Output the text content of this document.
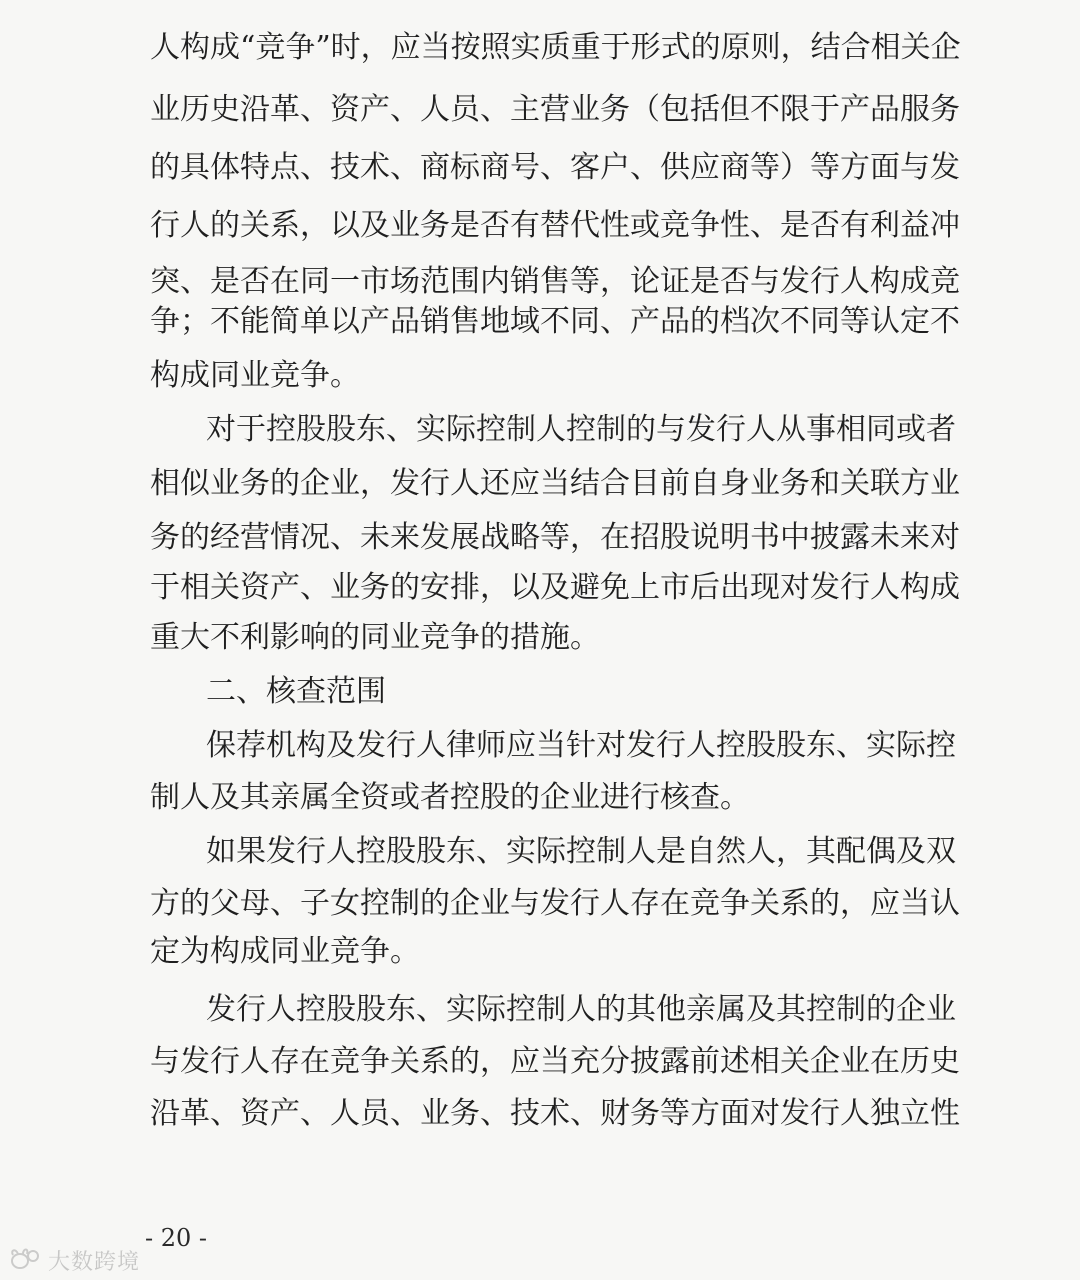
人构成“竞争”时，应当按照实质重于形式的原则，结合相关企
业历史沿革、资产、人员、主营业务（包括但不限于产品服务
的具体特点、技术、商标商号、客户、供应商等）等方面与发
行人的关系，以及业务是否有替代性或竞争性、是否有利益冲
突、是否在同一市场范围内销售等，论证是否与发行人构成竞
争；不能简单以产品销售地域不同、产品的档次不同等认定不
构成同业竞争。
对于控股股东、实际控制人控制的与发行人从事相同或者
相似业务的企业，发行人还应当结合目前自身业务和关联方业
务的经营情况、未来发展战略等，在招股说明书中披露未来对
于相关资产、业务的安排，以及避免上市后出现对发行人构成
重大不利影响的同业竞争的措施。
二、核查范围
保荐机构及发行人律师应当针对发行人控股股东、实际控
制人及其亲属全资或者控股的企业进行核查。
如果发行人控股股东、实际控制人是自然人，其配偶及双
方的父母、子女控制的企业与发行人存在竞争关系的，应当认
定为构成同业竞争。
发行人控股股东、实际控制人的其他亲属及其控制的企业
与发行人存在竞争关系的，应当充分披露前述相关企业在历史
沿革、资产、人员、业务、技术、财务等方面对发行人独立性
- 20 -
大数跨境
